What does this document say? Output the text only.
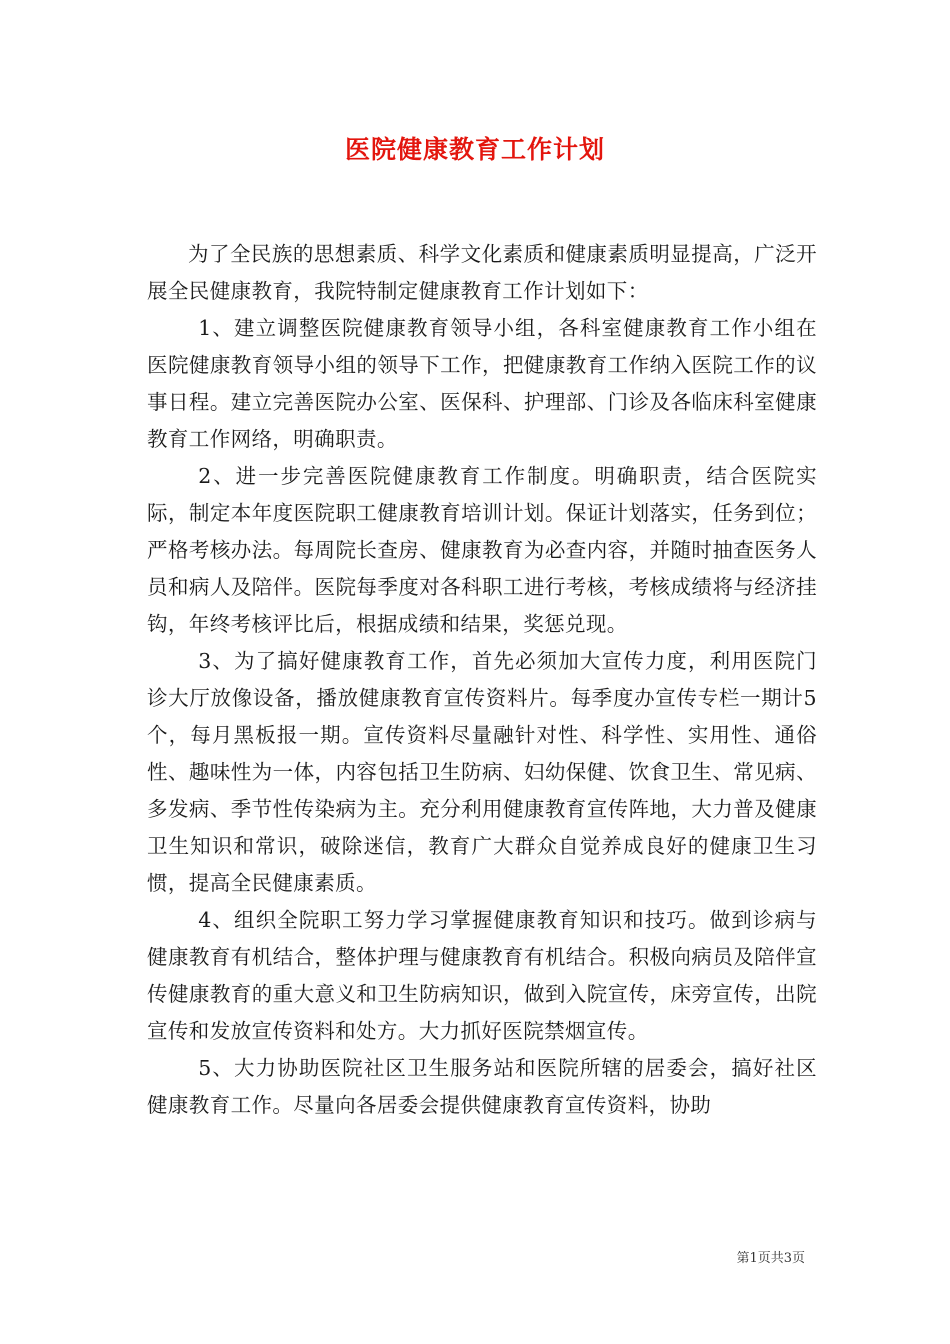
医院健康教育工作计划

为了全民族的思想素质、科学文化素质和健康素质明显提高，广泛开展全民健康教育，我院特制定健康教育工作计划如下：

1、建立调整医院健康教育领导小组，各科室健康教育工作小组在医院健康教育领导小组的领导下工作，把健康教育工作纳入医院工作的议事日程。建立完善医院办公室、医保科、护理部、门诊及各临床科室健康教育工作网络，明确职责。

2、进一步完善医院健康教育工作制度。明确职责，结合医院实际，制定本年度医院职工健康教育培训计划。保证计划落实，任务到位；严格考核办法。每周院长查房、健康教育为必查内容，并随时抽查医务人员和病人及陪伴。医院每季度对各科职工进行考核，考核成绩将与经济挂钩，年终考核评比后，根据成绩和结果，奖惩兑现。

3、为了搞好健康教育工作，首先必须加大宣传力度，利用医院门诊大厅放像设备，播放健康教育宣传资料片。每季度办宣传专栏一期计5个，每月黑板报一期。宣传资料尽量融针对性、科学性、实用性、通俗性、趣味性为一体，内容包括卫生防病、妇幼保健、饮食卫生、常见病、多发病、季节性传染病为主。充分利用健康教育宣传阵地，大力普及健康卫生知识和常识，破除迷信，教育广大群众自觉养成良好的健康卫生习惯，提高全民健康素质。

4、组织全院职工努力学习掌握健康教育知识和技巧。做到诊病与健康教育有机结合，整体护理与健康教育有机结合。积极向病员及陪伴宣传健康教育的重大意义和卫生防病知识，做到入院宣传，床旁宣传，出院宣传和发放宣传资料和处方。大力抓好医院禁烟宣传。

5、大力协助医院社区卫生服务站和医院所辖的居委会，搞好社区健康教育工作。尽量向各居委会提供健康教育宣传资料，协助

第1页共3页
